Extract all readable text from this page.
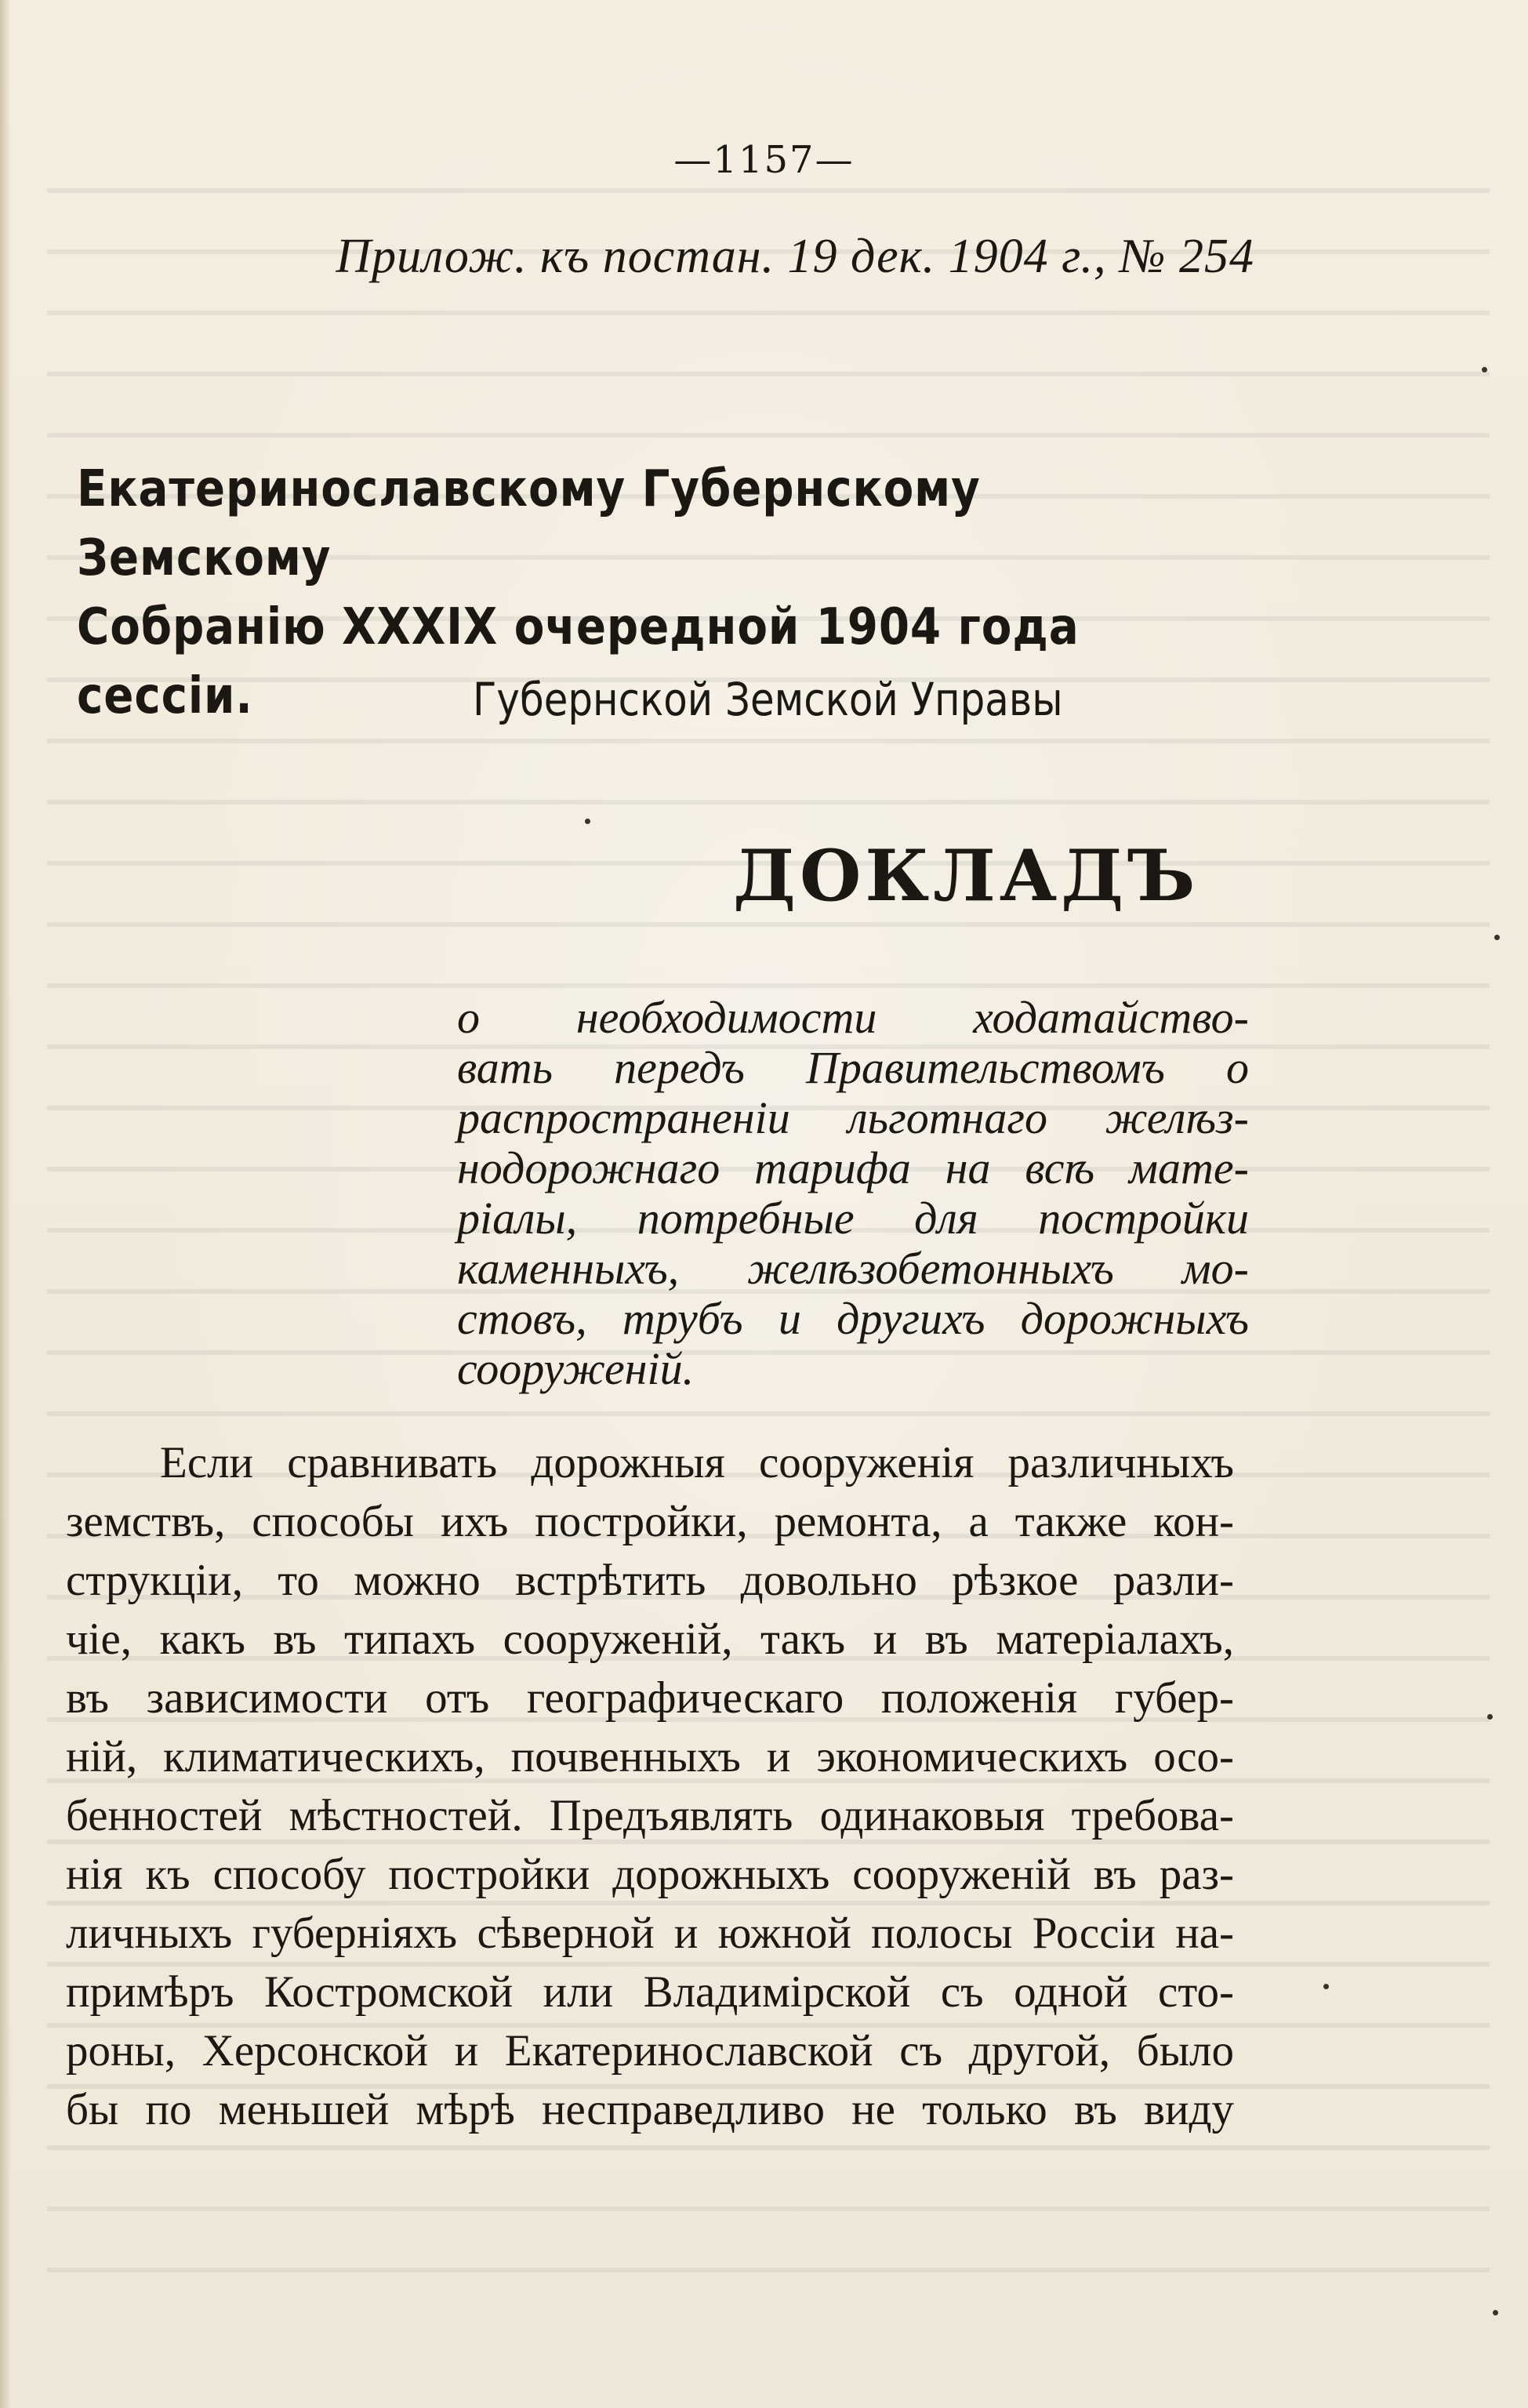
—1157—
Прилож. къ постан. 19 дек. 1904 г., № 254
Екатеринославскому Губернскому Земскому
Собранію XXXIX очередной 1904 года сессіи.	Губернской Земской Управы
ДОКЛАДЪ
о необходимости ходатайство-
вать передъ Правительствомъ о
распространеніи льготнаго желѣз-
нодорожнаго тарифа на всѣ мате-
ріалы, потребные для постройки
каменныхъ, желѣзобетонныхъ мо-
стовъ, трубъ и другихъ дорожныхъ
сооруженій.
Если сравнивать дорожныя сооруженія различныхъ
земствъ, способы ихъ постройки, ремонта, а также кон-
струкціи, то можно встрѣтить довольно рѣзкое разли-
чіе, какъ въ типахъ сооруженій, такъ и въ матеріалахъ,
въ зависимости отъ географическаго положенія губер-
ній, климатическихъ, почвенныхъ и экономическихъ осо-
бенностей мѣстностей. Предъявлять одинаковыя требова-
нія къ способу постройки дорожныхъ сооруженій въ раз-
личныхъ губерніяхъ сѣверной и южной полосы Россіи на-
примѣръ Костромской или Владимірской съ одной сто-
роны, Херсонской и Екатеринославской съ другой, было
бы по меньшей мѣрѣ несправедливо не только въ виду
